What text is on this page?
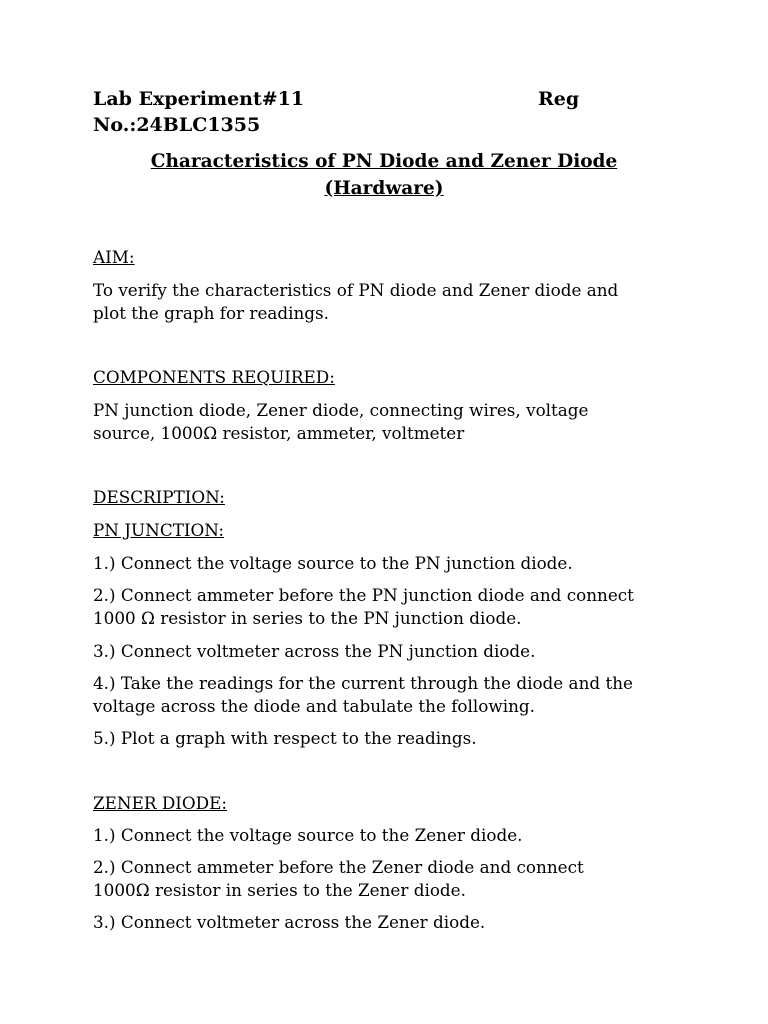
Lab Experiment#11	Reg
No.:24BLC1355
Characteristics of PN Diode and Zener Diode
(Hardware)
AIM:
To verify the characteristics of PN diode and Zener diode and
plot the graph for readings.
COMPONENTS REQUIRED:
PN junction diode, Zener diode, connecting wires, voltage
source, 1000Ω resistor, ammeter, voltmeter
DESCRIPTION:
PN JUNCTION:
1.) Connect the voltage source to the PN junction diode.
2.) Connect ammeter before the PN junction diode and connect
1000 Ω resistor in series to the PN junction diode.
3.) Connect voltmeter across the PN junction diode.
4.) Take the readings for the current through the diode and the
voltage across the diode and tabulate the following.
5.) Plot a graph with respect to the readings.
ZENER DIODE:
1.) Connect the voltage source to the Zener diode.
2.) Connect ammeter before the Zener diode and connect
1000Ω resistor in series to the Zener diode.
3.) Connect voltmeter across the Zener diode.
